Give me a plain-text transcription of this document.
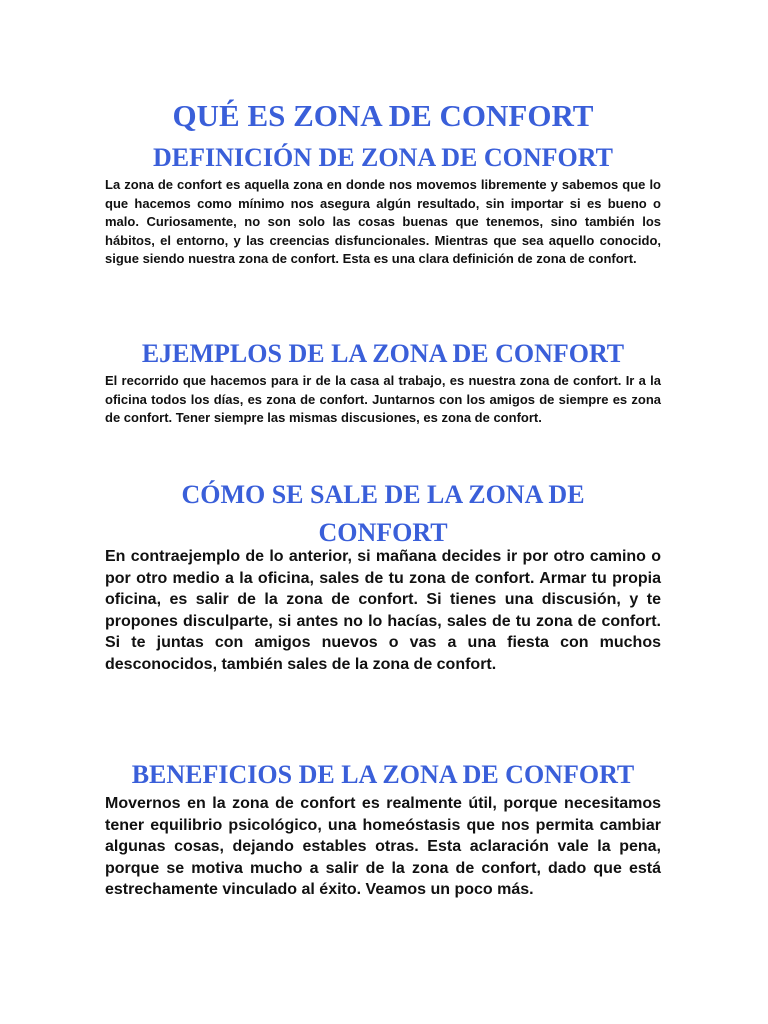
QUÉ ES ZONA DE CONFORT
DEFINICIÓN DE ZONA DE CONFORT

La zona de confort es aquella zona en donde nos movemos libremente y sabemos que lo que hacemos como mínimo nos asegura algún resultado, sin importar si es bueno o malo. Curiosamente, no son solo las cosas buenas que tenemos, sino también los hábitos, el entorno, y las creencias disfuncionales. Mientras que sea aquello conocido, sigue siendo nuestra zona de confort. Esta es una clara definición de zona de confort.

EJEMPLOS DE LA ZONA DE CONFORT

El recorrido que hacemos para ir de la casa al trabajo, es nuestra zona de confort. Ir a la oficina todos los días, es zona de confort. Juntarnos con los amigos de siempre es zona de confort. Tener siempre las mismas discusiones, es zona de confort.

CÓMO SE SALE DE LA ZONA DE CONFORT

En contraejemplo de lo anterior, si mañana decides ir por otro camino o por otro medio a la oficina, sales de tu zona de confort. Armar tu propia oficina, es salir de la zona de confort. Si tienes una discusión, y te propones disculparte, si antes no lo hacías, sales de tu zona de confort. Si te juntas con amigos nuevos o vas a una fiesta con muchos desconocidos, también sales de la zona de confort.

BENEFICIOS DE LA ZONA DE CONFORT

Movernos en la zona de confort es realmente útil, porque necesitamos tener equilibrio psicológico, una homeóstasis que nos permita cambiar algunas cosas, dejando estables otras. Esta aclaración vale la pena, porque se motiva mucho a salir de la zona de confort, dado que está estrechamente vinculado al éxito. Veamos un poco más.
